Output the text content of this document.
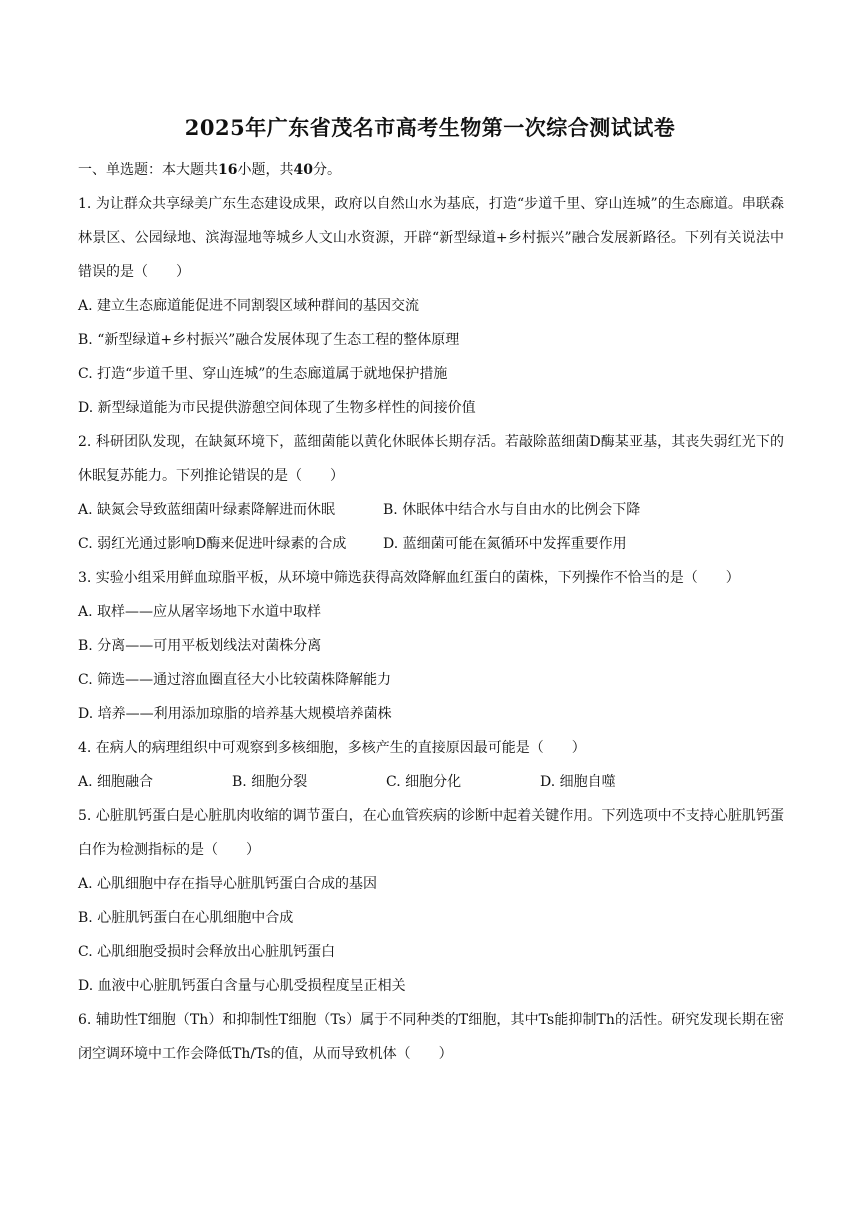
2025年广东省茂名市高考生物第一次综合测试试卷
一、单选题：本大题共16小题，共40分。
1. 为让群众共享绿美广东生态建设成果，政府以自然山水为基底，打造“步道千里、穿山连城”的生态廊道。串联森林景区、公园绿地、滨海湿地等城乡人文山水资源，开辟“新型绿道+乡村振兴”融合发展新路径。下列有关说法中错误的是（　　）
A. 建立生态廊道能促进不同割裂区域种群间的基因交流
B. “新型绿道+乡村振兴”融合发展体现了生态工程的整体原理
C. 打造“步道千里、穿山连城”的生态廊道属于就地保护措施
D. 新型绿道能为市民提供游憩空间体现了生物多样性的间接价值
2. 科研团队发现，在缺氮环境下，蓝细菌能以黄化休眠体长期存活。若敲除蓝细菌D酶某亚基，其丧失弱红光下的休眠复苏能力。下列推论错误的是（　　）
A. 缺氮会导致蓝细菌叶绿素降解进而休眠	B. 休眠体中结合水与自由水的比例会下降
C. 弱红光通过影响D酶来促进叶绿素的合成	D. 蓝细菌可能在氮循环中发挥重要作用
3. 实验小组采用鲜血琼脂平板，从环境中筛选获得高效降解血红蛋白的菌株，下列操作不恰当的是（　　）
A. 取样——应从屠宰场地下水道中取样
B. 分离——可用平板划线法对菌株分离
C. 筛选——通过溶血圈直径大小比较菌株降解能力
D. 培养——利用添加琼脂的培养基大规模培养菌株
4. 在病人的病理组织中可观察到多核细胞，多核产生的直接原因最可能是（　　）
A. 细胞融合	B. 细胞分裂	C. 细胞分化	D. 细胞自噬
5. 心脏肌钙蛋白是心脏肌肉收缩的调节蛋白，在心血管疾病的诊断中起着关键作用。下列选项中不支持心脏肌钙蛋白作为检测指标的是（　　）
A. 心肌细胞中存在指导心脏肌钙蛋白合成的基因
B. 心脏肌钙蛋白在心肌细胞中合成
C. 心肌细胞受损时会释放出心脏肌钙蛋白
D. 血液中心脏肌钙蛋白含量与心肌受损程度呈正相关
6. 辅助性T细胞（Th）和抑制性T细胞（Ts）属于不同种类的T细胞，其中Ts能抑制Th的活性。研究发现长期在密闭空调环境中工作会降低Th/Ts的值，从而导致机体（　　）
